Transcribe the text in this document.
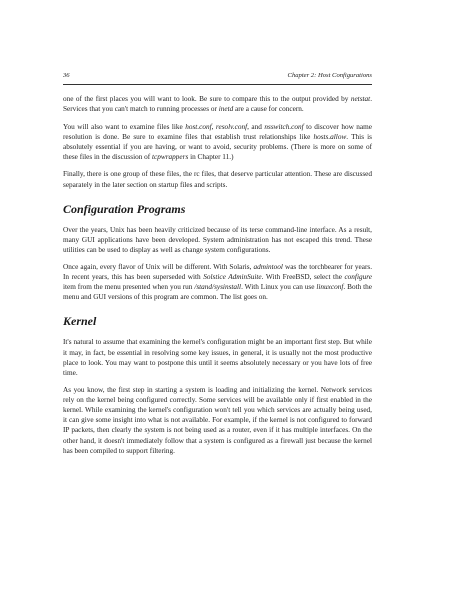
36	Chapter 2: Host Configurations

one of the first places you will want to look. Be sure to compare this to the output provided by netstat. Services that you can't match to running processes or inetd are a cause for concern.

You will also want to examine files like host.conf, resolv.conf, and nsswitch.conf to discover how name resolution is done. Be sure to examine files that establish trust relationships like hosts.allow. This is absolutely essential if you are having, or want to avoid, security problems. (There is more on some of these files in the discussion of tcpwrappers in Chapter 11.)

Finally, there is one group of these files, the rc files, that deserve particular attention. These are discussed separately in the later section on startup files and scripts.

Configuration Programs

Over the years, Unix has been heavily criticized because of its terse command-line interface. As a result, many GUI applications have been developed. System administration has not escaped this trend. These utilities can be used to display as well as change system configurations.

Once again, every flavor of Unix will be different. With Solaris, admintool was the torchbearer for years. In recent years, this has been superseded with Solstice AdminSuite. With FreeBSD, select the configure item from the menu presented when you run /stand/sysinstall. With Linux you can use linuxconf. Both the menu and GUI versions of this program are common. The list goes on.

Kernel

It's natural to assume that examining the kernel's configuration might be an important first step. But while it may, in fact, be essential in resolving some key issues, in general, it is usually not the most productive place to look. You may want to postpone this until it seems absolutely necessary or you have lots of free time.

As you know, the first step in starting a system is loading and initializing the kernel. Network services rely on the kernel being configured correctly. Some services will be available only if first enabled in the kernel. While examining the kernel's configuration won't tell you which services are actually being used, it can give some insight into what is not available. For example, if the kernel is not configured to forward IP packets, then clearly the system is not being used as a router, even if it has multiple interfaces. On the other hand, it doesn't immediately follow that a system is configured as a firewall just because the kernel has been compiled to support filtering.
